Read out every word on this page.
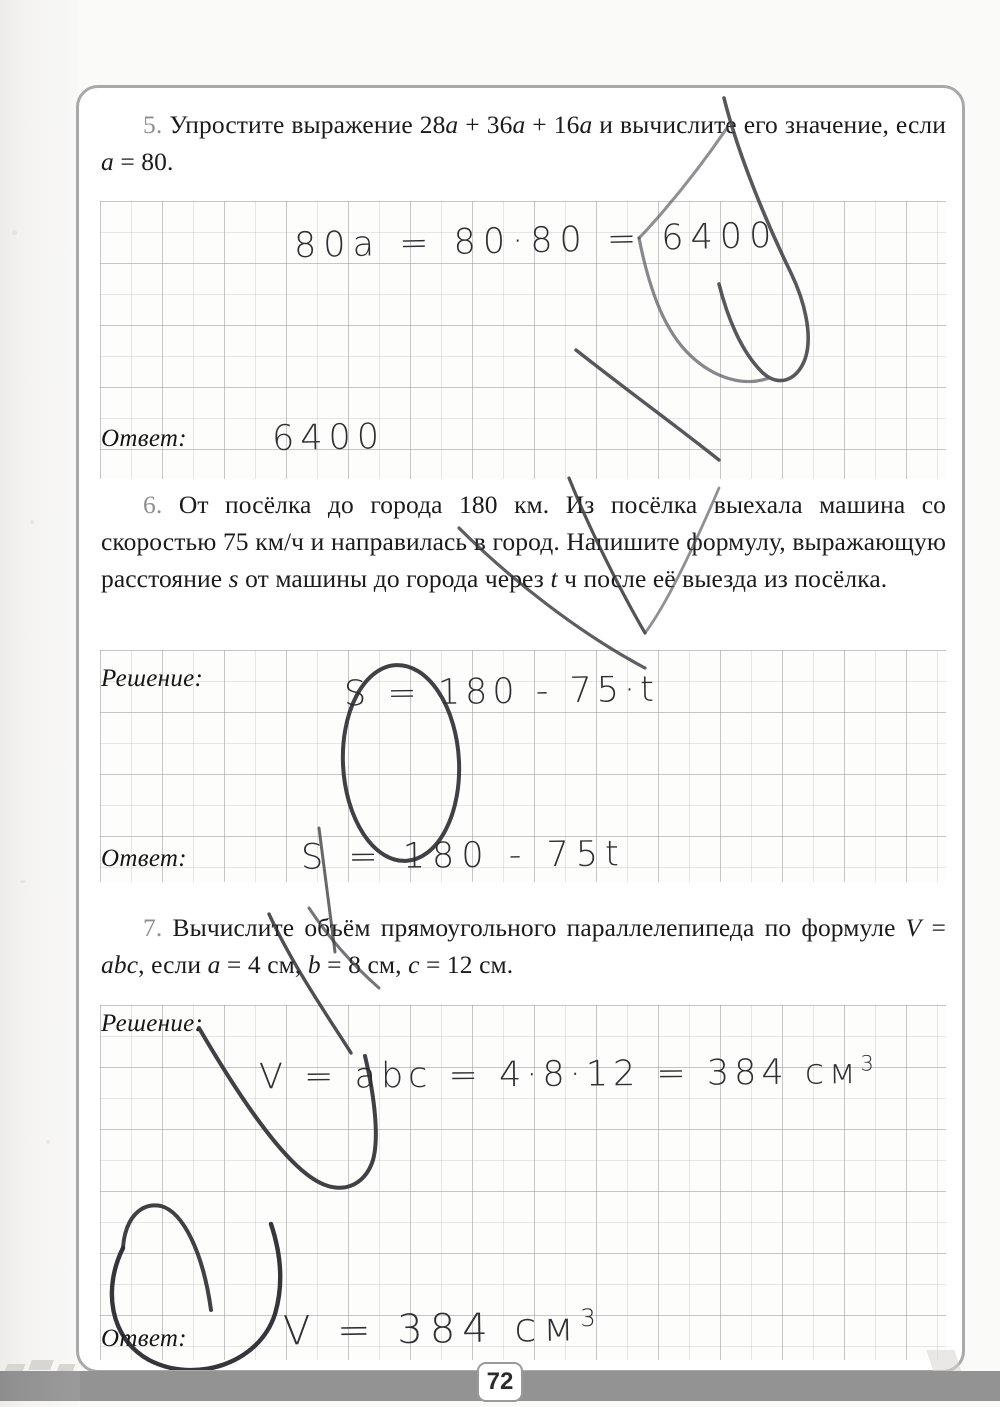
5. Упростите выражение 28a + 36a + 16a и вычислите его значение, если a = 80.
Ответ:
80a = 80·80 = 6400
6400
6. От посёлка до города 180 км. Из посёлка выехала машина со скоростью 75 км/ч и направилась в город. Напишите формулу, выражающую расстояние s от машины до города через t ч после её выезда из посёлка.
Решение:
Ответ:
S = 180 - 75·t
S = 180 - 75t
7. Вычислите объём прямоугольного параллелепипеда по формуле V = abc, если a = 4 см, b = 8 см, c = 12 см.
Решение:
Ответ:
V = abc = 4·8·12 = 384 $см^3$
V = 384 $см^3$
72
